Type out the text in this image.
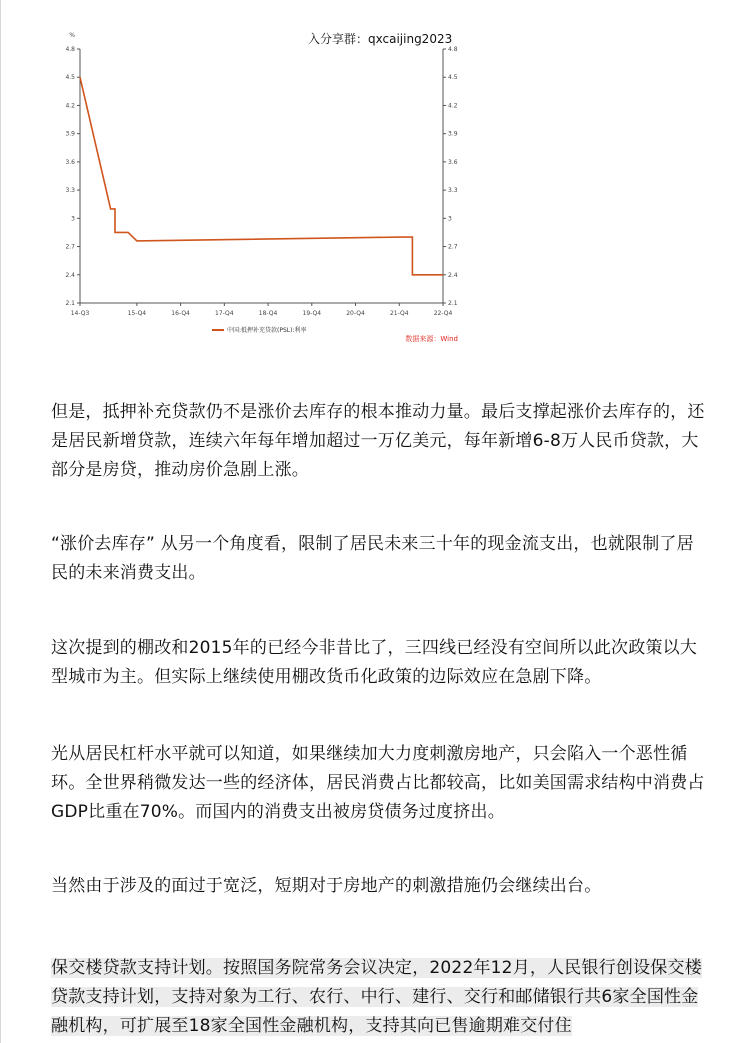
%
2.1	2.1
2.4	2.4
2.7	2.7
3	3
3.3	3.3
3.6	3.6
3.9	3.9
4.2	4.2
4.5	4.5
4.8	4.8
14-Q3	15-Q4	16-Q4	17-Q4	18-Q4	19-Q4	20-Q4	21-Q4	22-Q4
中国:抵押补充贷款(PSL):利率
数据来源：Wind
入分享群：qxcaijing2023

但是，抵押补充贷款仍不是涨价去库存的根本推动力量。最后支撑起涨价去库存的，还是居民新增贷款，连续六年每年增加超过一万亿美元，每年新增6-8万人民币贷款，大部分是房贷，推动房价急剧上涨。

“涨价去库存” 从另一个角度看，限制了居民未来三十年的现金流支出，也就限制了居民的未来消费支出。

这次提到的棚改和2015年的已经今非昔比了，三四线已经没有空间所以此次政策以大型城市为主。但实际上继续使用棚改货币化政策的边际效应在急剧下降。

光从居民杠杆水平就可以知道，如果继续加大力度刺激房地产，只会陷入一个恶性循环。全世界稍微发达一些的经济体，居民消费占比都较高，比如美国需求结构中消费占GDP比重在70%。而国内的消费支出被房贷债务过度挤出。

当然由于涉及的面过于宽泛，短期对于房地产的刺激措施仍会继续出台。

保交楼贷款支持计划。按照国务院常务会议决定，2022年12月，人民银行创设保交楼贷款支持计划，支持对象为工行、农行、中行、建行、交行和邮储银行共6家全国性金融机构，可扩展至18家全国性金融机构，支持其向已售逾期难交付住
